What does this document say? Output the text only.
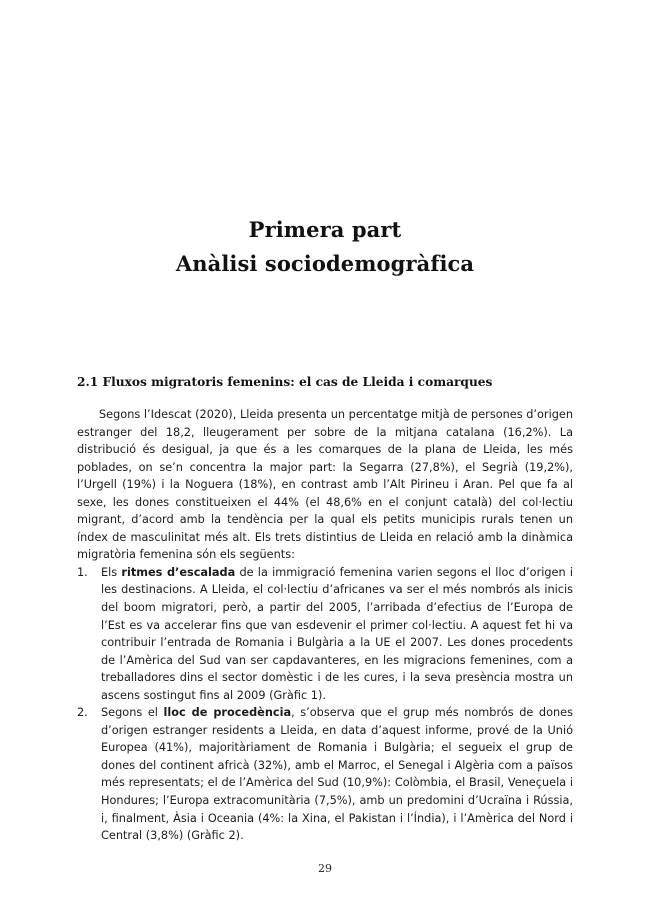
Primera part
Anàlisi sociodemogràfica
2.1 Fluxos migratoris femenins: el cas de Lleida i comarques

Segons l’Idescat (2020), Lleida presenta un percentatge mitjà de persones d’origen estranger del 18,2, lleugerament per sobre de la mitjana catalana (16,2%). La distribució és desigual, ja que és a les comarques de la plana de Lleida, les més poblades, on se’n concentra la major part: la Segarra (27,8%), el Segrià (19,2%), l’Urgell (19%) i la Noguera (18%), en contrast amb l’Alt Pirineu i Aran. Pel que fa al sexe, les dones constitueixen el 44% (el 48,6% en el conjunt català) del col·lectiu migrant, d’acord amb la tendència per la qual els petits municipis rurals tenen un índex de masculinitat més alt. Els trets distintius de Lleida en relació amb la dinàmica migratòria femenina són els següents:

1. Els ritmes d’escalada de la immigració femenina varien segons el lloc d’origen i les destinacions. A Lleida, el col·lectiu d’africanes va ser el més nombrós als inicis del boom migratori, però, a partir del 2005, l’arribada d’efectius de l’Europa de l’Est es va accelerar fins que van esdevenir el primer col·lectiu. A aquest fet hi va contribuir l’entrada de Romania i Bulgària a la UE el 2007. Les dones procedents de l’Amèrica del Sud van ser capdavanteres, en les migracions femenines, com a treballadores dins el sector domèstic i de les cures, i la seva presència mostra un ascens sostingut fins al 2009 (Gràfic 1).
2. Segons el lloc de procedència, s’observa que el grup més nombrós de dones d’origen estranger residents a Lleida, en data d’aquest informe, prové de la Unió Europea (41%), majoritàriament de Romania i Bulgària; el segueix el grup de dones del continent africà (32%), amb el Marroc, el Senegal i Algèria com a països més representats; el de l’Amèrica del Sud (10,9%): Colòmbia, el Brasil, Veneçuela i Hondures; l’Europa extracomunitària (7,5%), amb un predomini d’Ucraïna i Rússia, i, finalment, Àsia i Oceania (4%: la Xina, el Pakistan i l’Índia), i l’Amèrica del Nord i Central (3,8%) (Gràfic 2).
29
